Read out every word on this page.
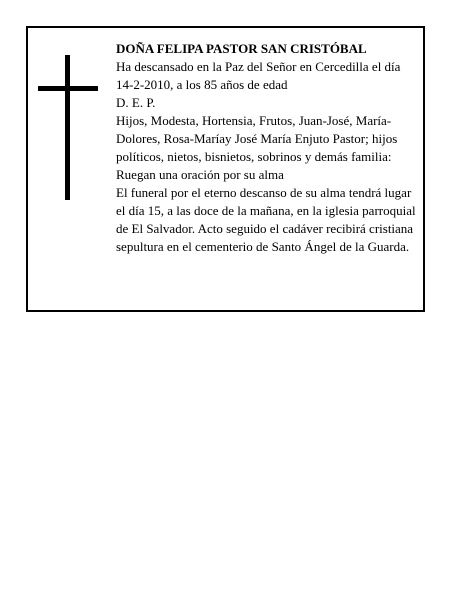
DOÑA FELIPA PASTOR SAN CRISTÓBAL

Ha descansado en la Paz del Señor en Cercedilla el día 14-2-2010, a los 85 años de edad

D. E. P.

Hijos, Modesta, Hortensia, Frutos, Juan-José, María-Dolores, Rosa-Maríay José María Enjuto Pastor; hijos políticos, nietos, bisnietos, sobrinos y demás familia:

Ruegan una oración por su alma

El funeral por el eterno descanso de su alma tendrá lugar el día 15, a las doce de la mañana, en la iglesia parroquial de El Salvador. Acto seguido el cadáver recibirá cristiana sepultura en el cementerio de Santo Ángel de la Guarda.
